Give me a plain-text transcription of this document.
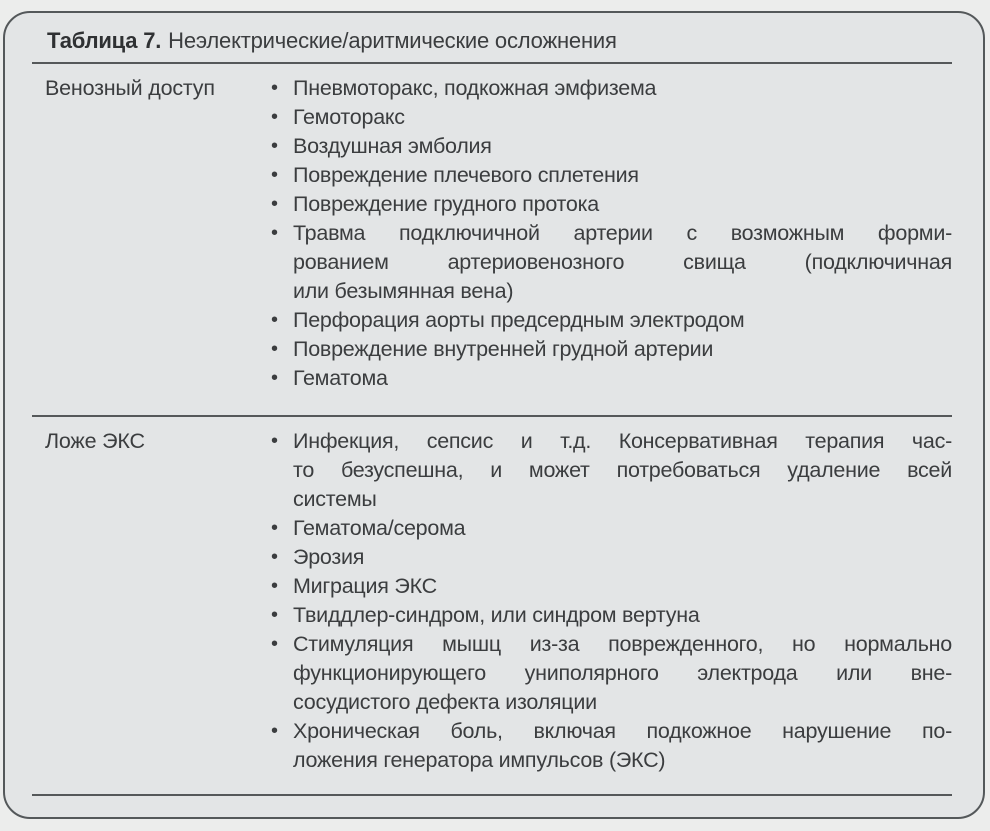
Таблица 7. Неэлектрические/аритмические осложнения
Венозный доступ	• Пневмоторакс, подкожная эмфизема
• Гемоторакс
• Воздушная эмболия
• Повреждение плечевого сплетения
• Повреждение грудного протока
• Травма подключичной артерии с возможным форми-
рованием артериовенозного свища (подключичная
или безымянная вена)
• Перфорация аорты предсердным электродом
• Повреждение внутренней грудной артерии
• Гематома
Ложе ЭКС	• Инфекция, сепсис и т.д. Консервативная терапия час-
то безуспешна, и может потребоваться удаление всей
системы
• Гематома/серома
• Эрозия
• Миграция ЭКС
• Твиддлер-синдром, или синдром вертуна
• Стимуляция мышц из-за поврежденного, но нормально
функционирующего униполярного электрода или вне-
сосудистого дефекта изоляции
• Хроническая боль, включая подкожное нарушение по-
ложения генератора импульсов (ЭКС)
